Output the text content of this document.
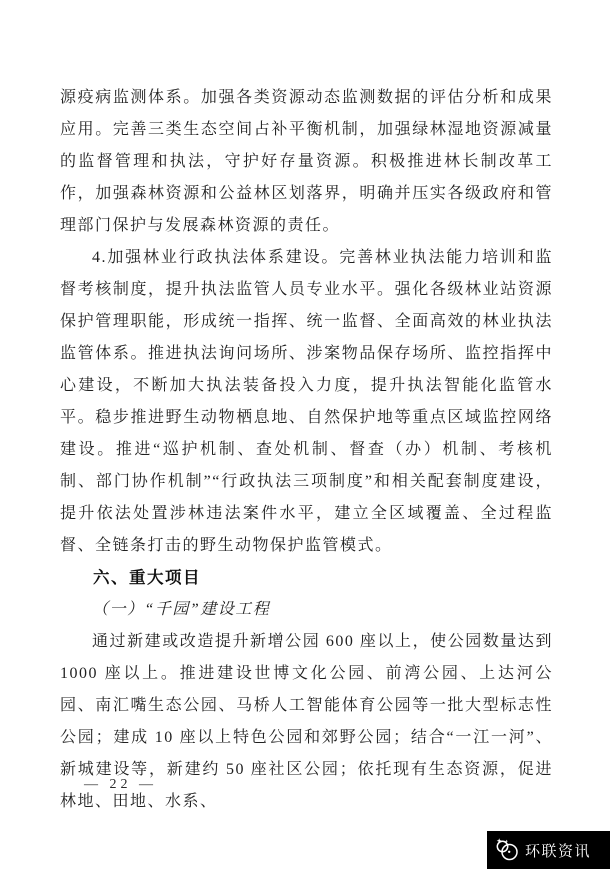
源疫病监测体系。加强各类资源动态监测数据的评估分析和成果应用。完善三类生态空间占补平衡机制，加强绿林湿地资源减量的监督管理和执法，守护好存量资源。积极推进林长制改革工作，加强森林资源和公益林区划落界，明确并压实各级政府和管理部门保护与发展森林资源的责任。

4.加强林业行政执法体系建设。完善林业执法能力培训和监督考核制度，提升执法监管人员专业水平。强化各级林业站资源保护管理职能，形成统一指挥、统一监督、全面高效的林业执法监管体系。推进执法询问场所、涉案物品保存场所、监控指挥中心建设，不断加大执法装备投入力度，提升执法智能化监管水平。稳步推进野生动物栖息地、自然保护地等重点区域监控网络建设。推进“巡护机制、查处机制、督查（办）机制、考核机制、部门协作机制”“行政执法三项制度”和相关配套制度建设，提升依法处置涉林违法案件水平，建立全区域覆盖、全过程监督、全链条打击的野生动物保护监管模式。

六、重大项目
（一）“千园”建设工程

通过新建或改造提升新增公园 600 座以上，使公园数量达到 1000 座以上。推进建设世博文化公园、前湾公园、上达河公园、南汇嘴生态公园、马桥人工智能体育公园等一批大型标志性公园；建成 10 座以上特色公园和郊野公园；结合“一江一河”、新城建设等，新建约 50 座社区公园；依托现有生态资源，促进林地、田地、水系、

— 22 —
环联资讯
